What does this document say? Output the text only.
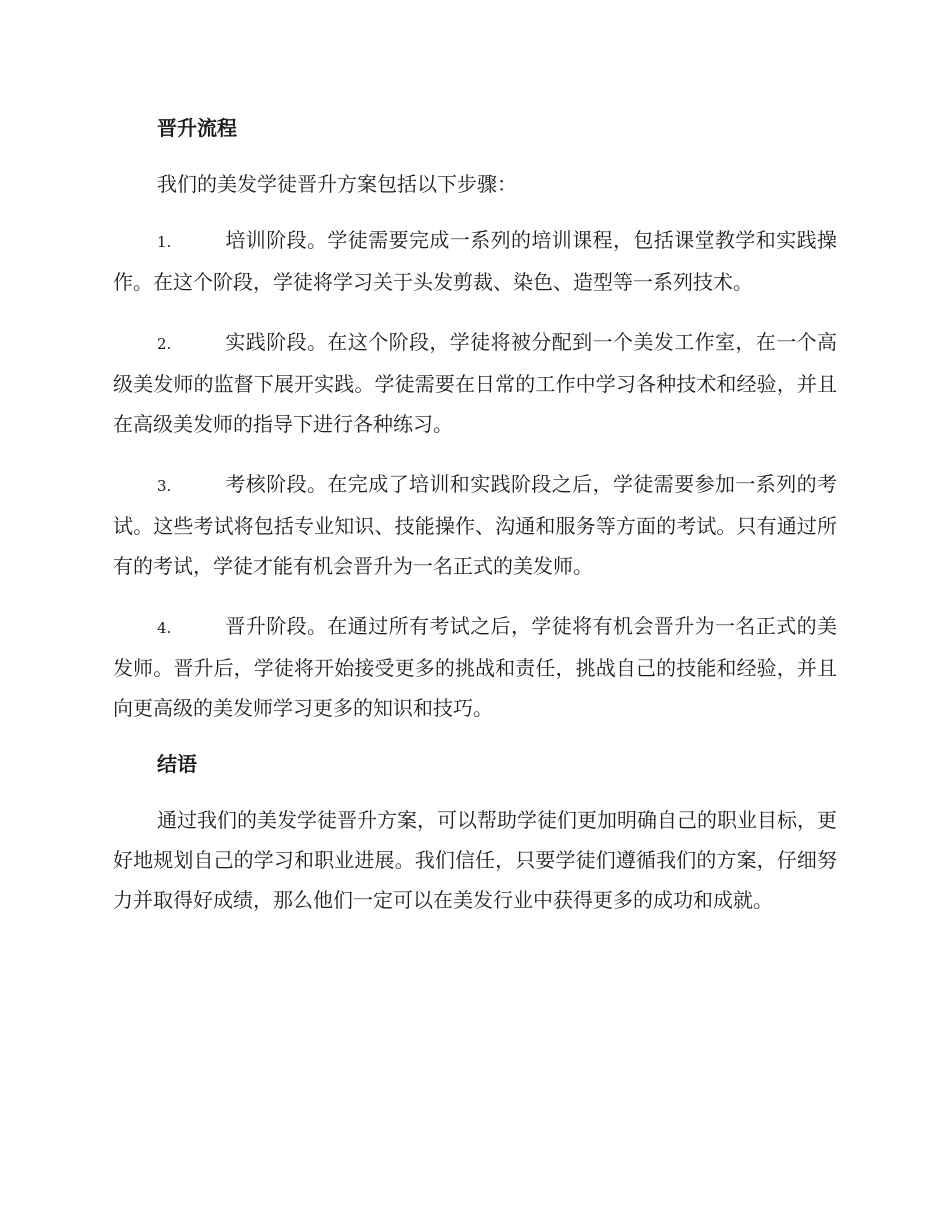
晋升流程

我们的美发学徒晋升方案包括以下步骤：

1.	培训阶段。学徒需要完成一系列的培训课程，包括课堂教学和实践操作。在这个阶段，学徒将学习关于头发剪裁、染色、造型等一系列技术。

2.	实践阶段。在这个阶段，学徒将被分配到一个美发工作室，在一个高级美发师的监督下展开实践。学徒需要在日常的工作中学习各种技术和经验，并且在高级美发师的指导下进行各种练习。

3.	考核阶段。在完成了培训和实践阶段之后，学徒需要参加一系列的考试。这些考试将包括专业知识、技能操作、沟通和服务等方面的考试。只有通过所有的考试，学徒才能有机会晋升为一名正式的美发师。

4.	晋升阶段。在通过所有考试之后，学徒将有机会晋升为一名正式的美发师。晋升后，学徒将开始接受更多的挑战和责任，挑战自己的技能和经验，并且向更高级的美发师学习更多的知识和技巧。

结语

通过我们的美发学徒晋升方案，可以帮助学徒们更加明确自己的职业目标，更好地规划自己的学习和职业进展。我们信任，只要学徒们遵循我们的方案，仔细努力并取得好成绩，那么他们一定可以在美发行业中获得更多的成功和成就。
